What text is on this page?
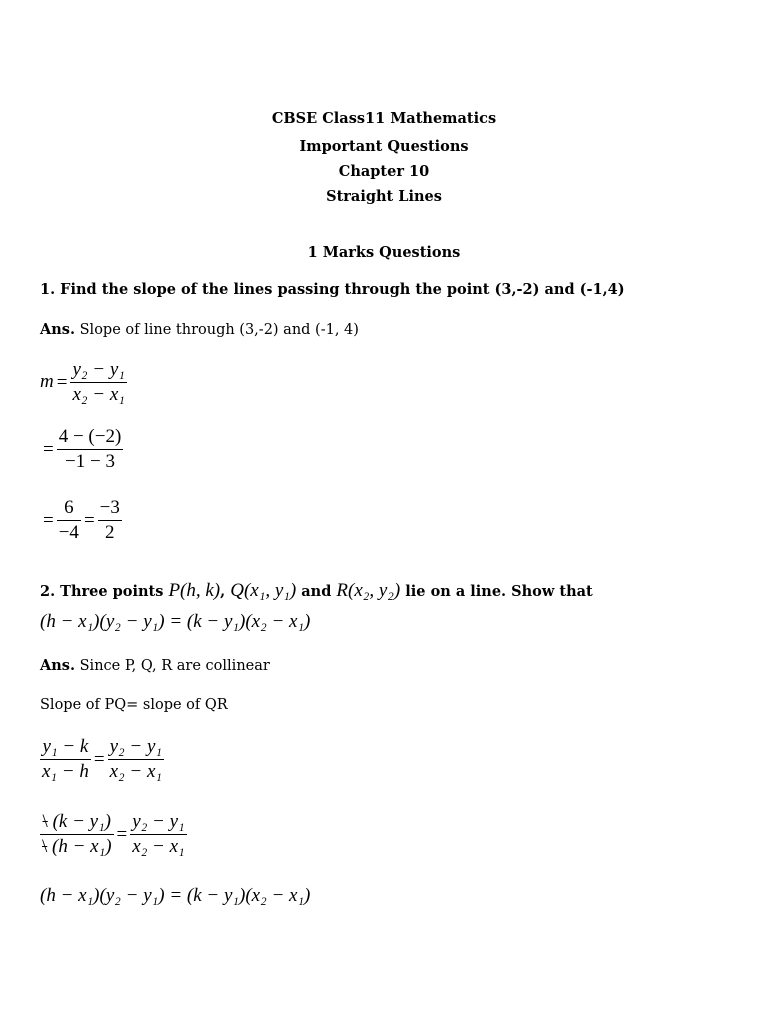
CBSE Class11 Mathematics
Important Questions
Chapter 10
Straight Lines
1 Marks Questions
1. Find the slope of the lines passing through the point (3,-2) and (-1,4)
Ans. Slope of line through (3,-2) and (-1, 4)
$m = \frac{\text{y₂ − y₁}}{\text{x₂ − x₁}}$
= $\frac{4 - (-2)}{-1 - 3}$
= $\frac{6}{-4} = \frac{-3}{2}$
2. Three points P(h, k), Q(x₁, y₁) and R(x₂, y₂) lie on a line. Show that
(h − x₁)(y₂ − y₁) = (k − y₁)(x₂ − x₁)
Ans. Since P, Q, R are collinear
Slope of PQ= slope of QR
$\frac{\text{y₁ − k}}{\text{x₁ − h}} = \frac{\text{y₂ − y₁}}{\text{x₂ − x₁}}$
$\frac{\text{\textbackslash{} (k − y₁)}}{\text{\textbackslash{} (h − x₁)}} = \frac{\text{y₂ − y₁}}{\text{x₂ − x₁}}$
(h − x₁)(y₂ − y₁) = (k − y₁)(x₂ − x₁)
